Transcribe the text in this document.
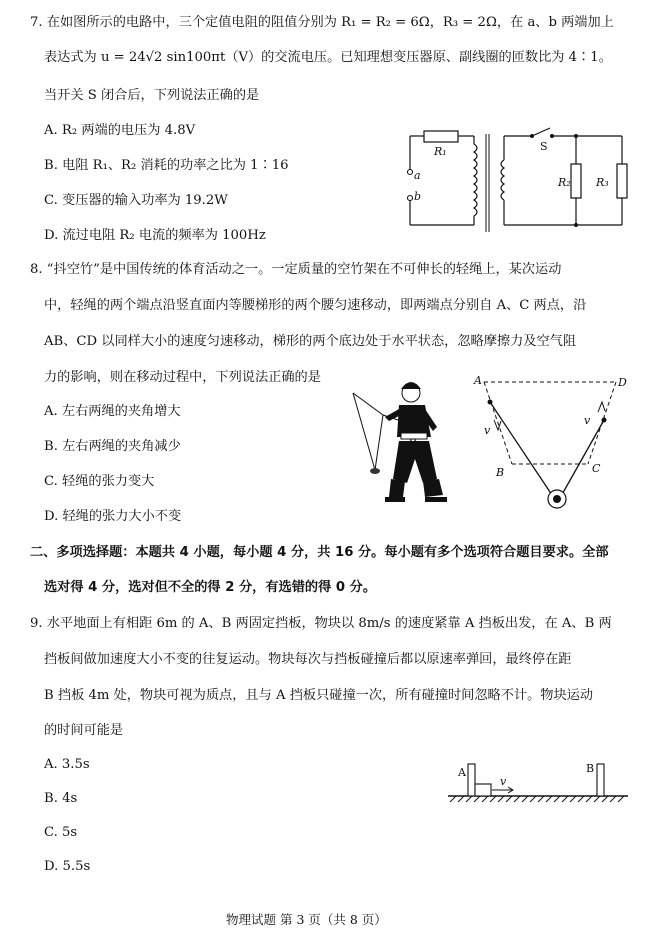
7. 在如图所示的电路中，三个定值电阻的阻值分别为 R₁ = R₂ = 6Ω，R₃ = 2Ω，在 a、b 两端加上
表达式为 u = 24√2 sin100πt（V）的交流电压。已知理想变压器原、副线圈的匝数比为 4∶1。
当开关 S 闭合后，下列说法正确的是
A. R₂ 两端的电压为 4.8V
B. 电阻 R₁、R₂ 消耗的功率之比为 1∶16
C. 变压器的输入功率为 19.2W
D. 流过电阻 R₂ 电流的频率为 100Hz
R₁
a
b
S
R₂ R₃
8. “抖空竹”是中国传统的体育活动之一。一定质量的空竹架在不可伸长的轻绳上，某次运动
中，轻绳的两个端点沿竖直面内等腰梯形的两个腰匀速移动，即两端点分别自 A、C 两点，沿
AB、CD 以同样大小的速度匀速移动，梯形的两个底边处于水平状态，忽略摩擦力及空气阻
力的影响，则在移动过程中，下列说法正确的是
A. 左右两绳的夹角增大
B. 左右两绳的夹角减少
C. 轻绳的张力变大
D. 轻绳的张力大小不变
A	D
B	C
v
v
二、多项选择题：本题共 4 小题，每小题 4 分，共 16 分。每小题有多个选项符合题目要求。全部
选对得 4 分，选对但不全的得 2 分，有选错的得 0 分。
9. 水平地面上有相距 6m 的 A、B 两固定挡板，物块以 8m/s 的速度紧靠 A 挡板出发，在 A、B 两
挡板间做加速度大小不变的往复运动。物块每次与挡板碰撞后都以原速率弹回，最终停在距
B 挡板 4m 处，物块可视为质点，且与 A 挡板只碰撞一次，所有碰撞时间忽略不计。物块运动
的时间可能是
A. 3.5s
B. 4s
C. 5s
D. 5.5s
A	B
v
物理试题 第 3 页（共 8 页）
